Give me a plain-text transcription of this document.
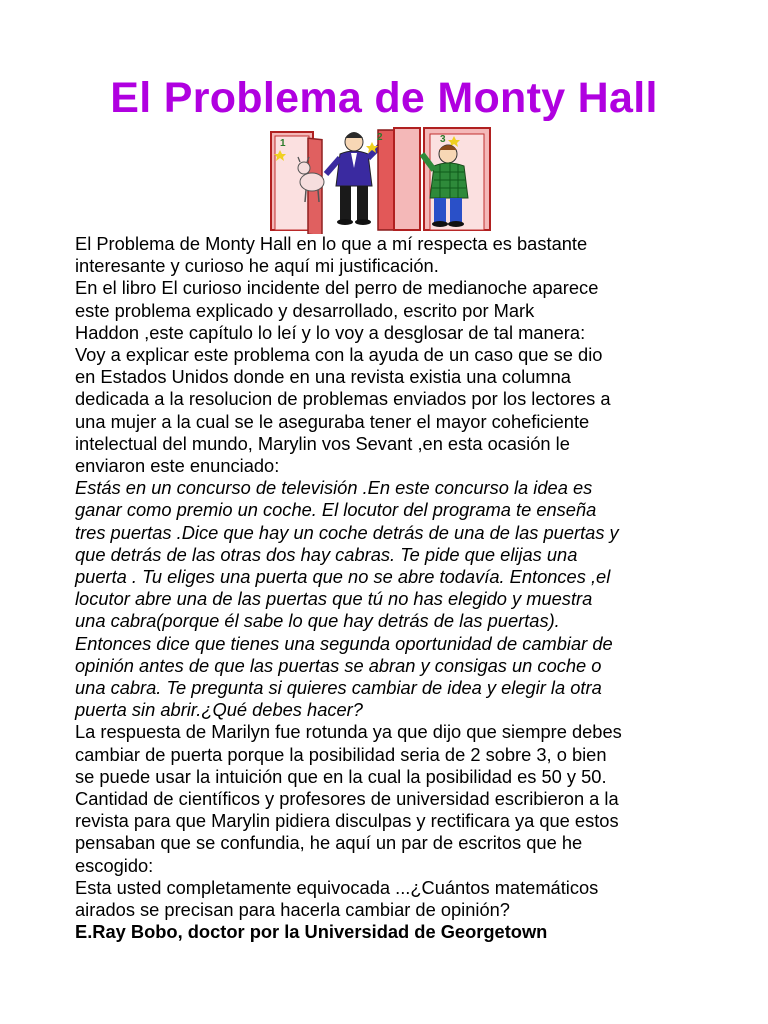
El Problema de Monty Hall
1
2	3

El Problema de Monty Hall en lo que a mí respecta es bastante
interesante y curioso he aquí mi justificación.
En el libro El curioso incidente del perro de medianoche aparece
este problema explicado y desarrollado, escrito por Mark
Haddon ,este capítulo lo leí y lo voy a desglosar de tal manera:
Voy a explicar este problema con la ayuda de un caso que se dio
en Estados Unidos donde en una revista existia una columna
dedicada a la resolucion de problemas enviados por los lectores a
una mujer a la cual se le aseguraba tener el mayor coheficiente
intelectual del mundo, Marylin vos Sevant ,en esta ocasión le
enviaron este enunciado:

Estás en un concurso de televisión .En este concurso la idea es
ganar como premio un coche. El locutor del programa te enseña
tres puertas .Dice que hay un coche detrás de una de las puertas y
que detrás de las otras dos hay cabras. Te pide que elijas una
puerta . Tu eliges una puerta que no se abre todavía. Entonces ,el
locutor abre una de las puertas que tú no has elegido y muestra
una cabra(porque él sabe lo que hay detrás de las puertas).
Entonces dice que tienes una segunda oportunidad de cambiar de
opinión antes de que las puertas se abran y consigas un coche o
una cabra. Te pregunta si quieres cambiar de idea y elegir la otra
puerta sin abrir.¿Qué debes hacer?

La respuesta de Marilyn fue rotunda ya que dijo que siempre debes
cambiar de puerta porque la posibilidad seria de 2 sobre 3, o bien
se puede usar la intuición que en la cual la posibilidad es 50 y 50.
Cantidad de científicos y profesores de universidad escribieron a la
revista para que Marylin pidiera disculpas y rectificara ya que estos
pensaban que se confundia, he aquí un par de escritos que he
escogido:
Esta usted completamente equivocada ...¿Cuántos matemáticos
airados se precisan para hacerla cambiar de opinión?

E.Ray Bobo, doctor por la Universidad de Georgetown
